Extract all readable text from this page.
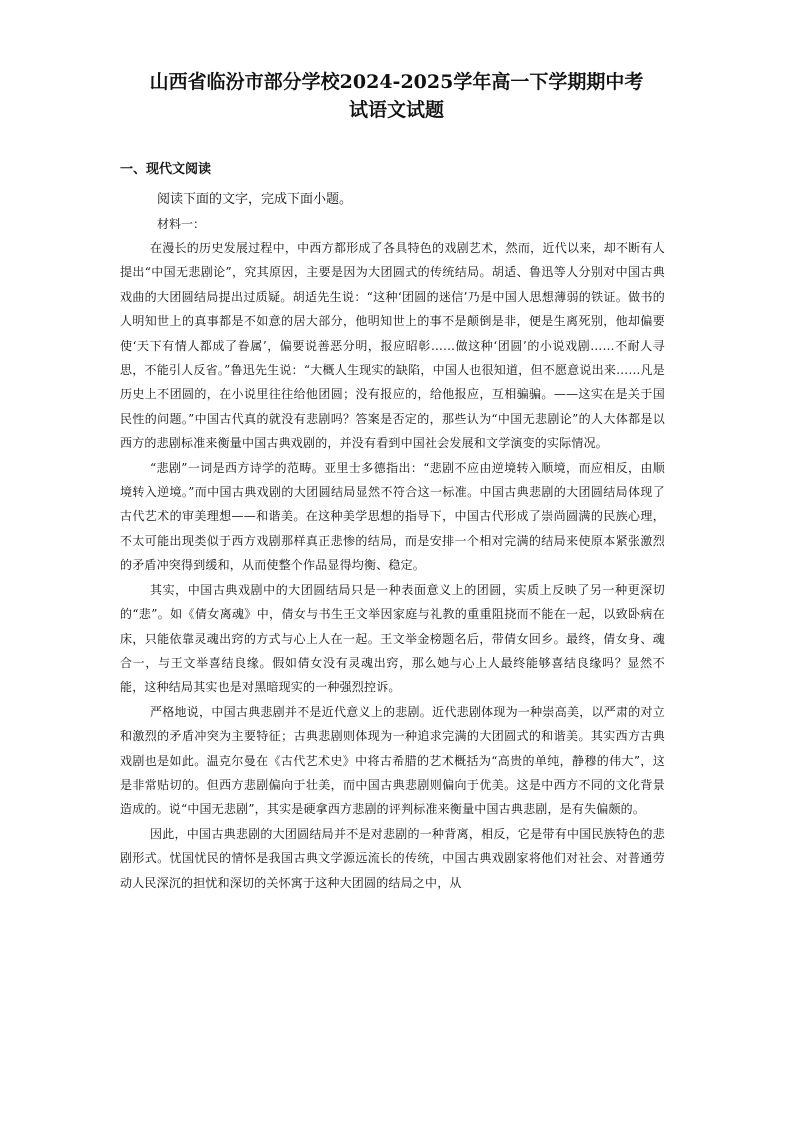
山西省临汾市部分学校2024-2025学年高一下学期期中考
试语文试题
一、现代文阅读
阅读下面的文字，完成下面小题。
材料一：

在漫长的历史发展过程中，中西方都形成了各具特色的戏剧艺术，然而，近代以来，却不断有人提出“中国无悲剧论”，究其原因，主要是因为大团圆式的传统结局。胡适、鲁迅等人分别对中国古典戏曲的大团圆结局提出过质疑。胡适先生说：“这种‘团圆的迷信’乃是中国人思想薄弱的铁证。做书的人明知世上的真事都是不如意的居大部分，他明知世上的事不是颠倒是非，便是生离死别，他却偏要使‘天下有情人都成了眷属’，偏要说善恶分明，报应昭彰……做这种‘团圆’的小说戏剧……不耐人寻思，不能引人反省。”鲁迅先生说：“大概人生现实的缺陷，中国人也很知道，但不愿意说出来……凡是历史上不团圆的，在小说里往往给他团圆；没有报应的，给他报应，互相骗骗。——这实在是关于国民性的问题。”中国古代真的就没有悲剧吗？答案是否定的，那些认为“中国无悲剧论”的人大体都是以西方的悲剧标准来衡量中国古典戏剧的，并没有看到中国社会发展和文学演变的实际情况。

“悲剧”一词是西方诗学的范畴。亚里士多德指出：“悲剧不应由逆境转入顺境，而应相反，由顺境转入逆境。”而中国古典戏剧的大团圆结局显然不符合这一标准。中国古典悲剧的大团圆结局体现了古代艺术的审美理想——和谐美。在这种美学思想的指导下，中国古代形成了崇尚圆满的民族心理，不太可能出现类似于西方戏剧那样真正悲惨的结局，而是安排一个相对完满的结局来使原本紧张激烈的矛盾冲突得到缓和，从而使整个作品显得均衡、稳定。

其实，中国古典戏剧中的大团圆结局只是一种表面意义上的团圆，实质上反映了另一种更深切的“悲”。如《倩女离魂》中，倩女与书生王文举因家庭与礼教的重重阻挠而不能在一起，以致卧病在床，只能依靠灵魂出窍的方式与心上人在一起。王文举金榜题名后，带倩女回乡。最终，倩女身、魂合一，与王文举喜结良缘。假如倩女没有灵魂出窍，那么她与心上人最终能够喜结良缘吗？显然不能，这种结局其实也是对黑暗现实的一种强烈控诉。

严格地说，中国古典悲剧并不是近代意义上的悲剧。近代悲剧体现为一种崇高美，以严肃的对立和激烈的矛盾冲突为主要特征；古典悲剧则体现为一种追求完满的大团圆式的和谐美。其实西方古典戏剧也是如此。温克尔曼在《古代艺术史》中将古希腊的艺术概括为“高贵的单纯，静穆的伟大”，这是非常贴切的。但西方悲剧偏向于壮美，而中国古典悲剧则偏向于优美。这是中西方不同的文化背景造成的。说“中国无悲剧”，其实是硬拿西方悲剧的评判标准来衡量中国古典悲剧，是有失偏颇的。

因此，中国古典悲剧的大团圆结局并不是对悲剧的一种背离，相反，它是带有中国民族特色的悲剧形式。忧国忧民的情怀是我国古典文学源远流长的传统，中国古典戏剧家将他们对社会、对普通劳动人民深沉的担忧和深切的关怀寓于这种大团圆的结局之中，从
